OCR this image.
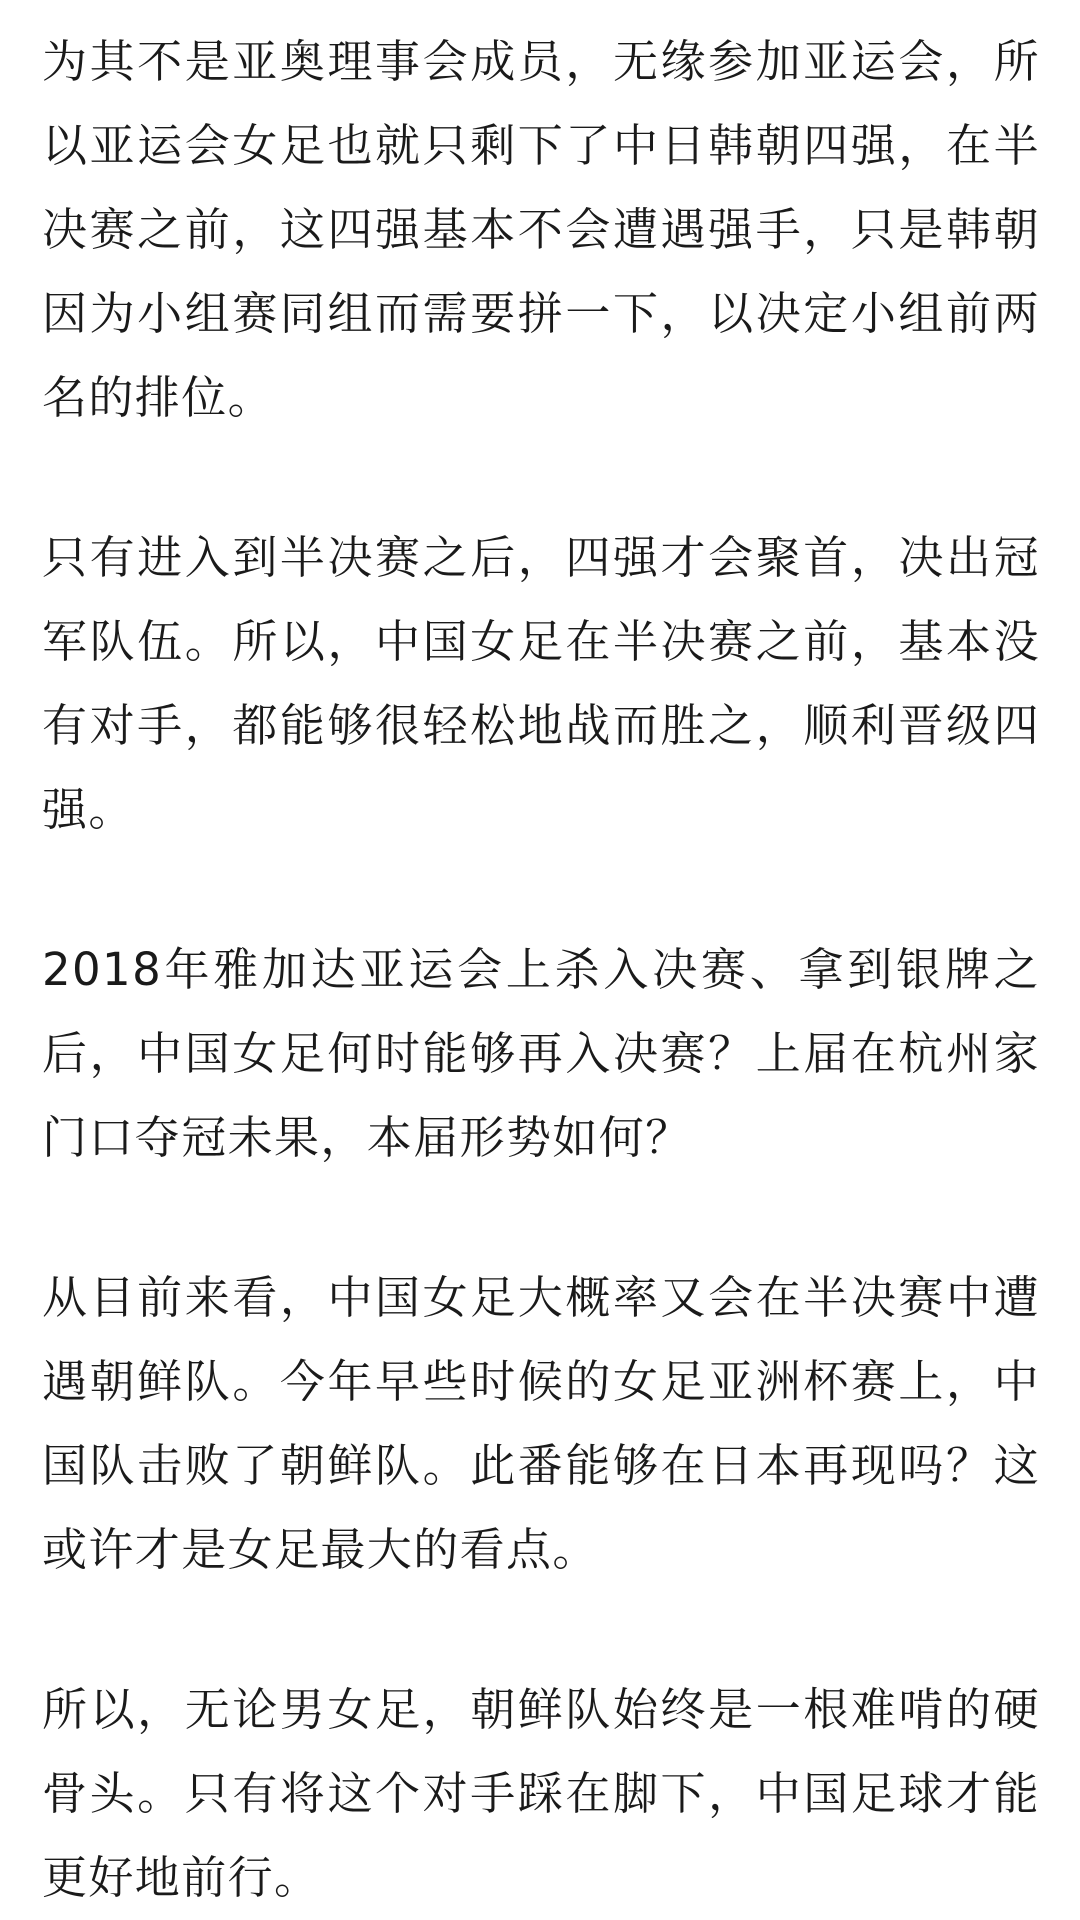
为其不是亚奥理事会成员，无缘参加亚运会，所以亚运会女足也就只剩下了中日韩朝四强，在半决赛之前，这四强基本不会遭遇强手，只是韩朝因为小组赛同组而需要拼一下，以决定小组前两名的排位。

只有进入到半决赛之后，四强才会聚首，决出冠军队伍。所以，中国女足在半决赛之前，基本没有对手，都能够很轻松地战而胜之，顺利晋级四强。

2018年雅加达亚运会上杀入决赛、拿到银牌之后，中国女足何时能够再入决赛？上届在杭州家门口夺冠未果，本届形势如何？

从目前来看，中国女足大概率又会在半决赛中遭遇朝鲜队。今年早些时候的女足亚洲杯赛上，中国队击败了朝鲜队。此番能够在日本再现吗？这或许才是女足最大的看点。

所以，无论男女足，朝鲜队始终是一根难啃的硬骨头。只有将这个对手踩在脚下，中国足球才能更好地前行。
